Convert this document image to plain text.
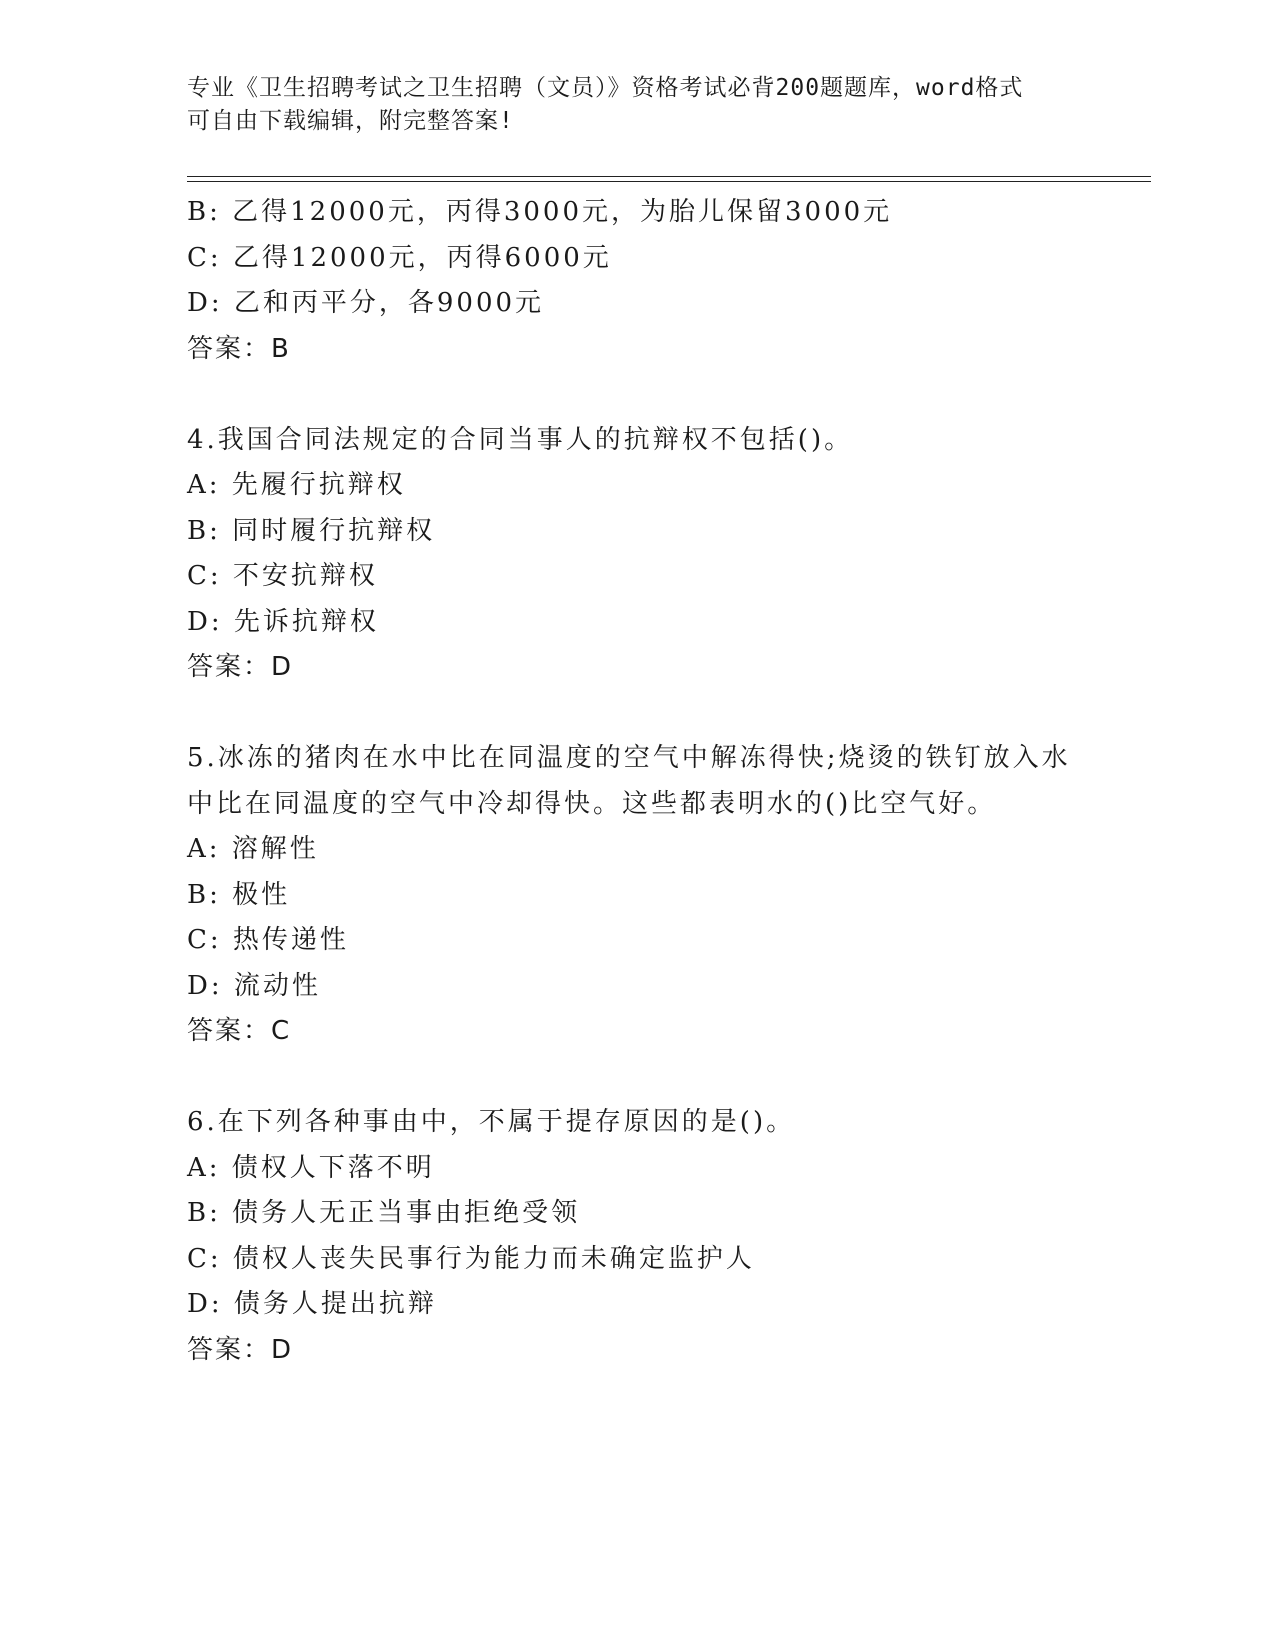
专业《卫生招聘考试之卫生招聘（文员）》资格考试必背200题题库，word格式
可自由下载编辑，附完整答案!
B: 乙得12000元，丙得3000元，为胎儿保留3000元
C: 乙得12000元，丙得6000元
D: 乙和丙平分，各9000元
答案：B
4.我国合同法规定的合同当事人的抗辩权不包括()。
A: 先履行抗辩权
B: 同时履行抗辩权
C: 不安抗辩权
D: 先诉抗辩权
答案：D
5.冰冻的猪肉在水中比在同温度的空气中解冻得快;烧烫的铁钉放入水
中比在同温度的空气中冷却得快。这些都表明水的()比空气好。
A: 溶解性
B: 极性
C: 热传递性
D: 流动性
答案：C
6.在下列各种事由中，不属于提存原因的是()。
A: 债权人下落不明
B: 债务人无正当事由拒绝受领
C: 债权人丧失民事行为能力而未确定监护人
D: 债务人提出抗辩
答案：D
